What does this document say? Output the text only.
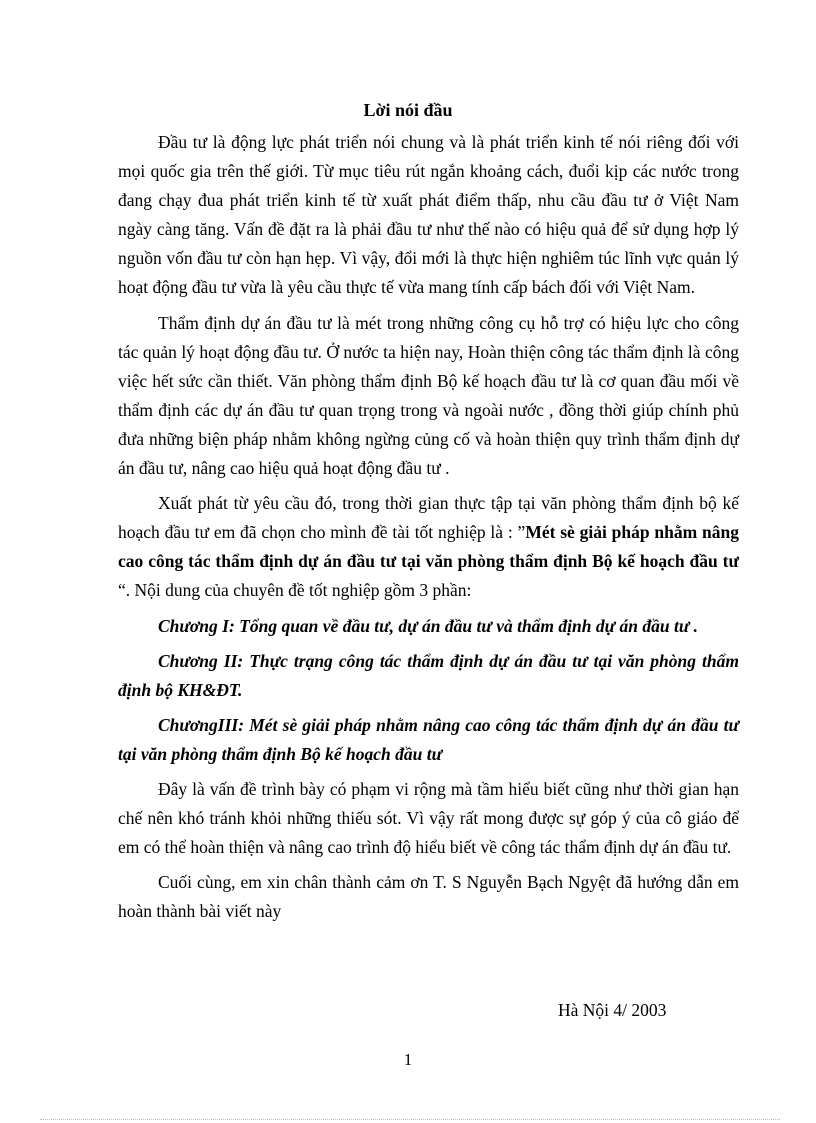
Lời nói đầu

Đầu tư là động lực phát triển nói chung và là phát triển kinh tế nói riêng đối với mọi quốc gia trên thế giới. Từ mục tiêu rút ngắn khoảng cách, đuổi kịp các nước trong đang chạy đua phát triển kinh tế từ xuất phát điểm thấp, nhu cầu đầu tư ở Việt Nam ngày càng tăng. Vấn đề đặt ra là phải đầu tư như thế nào có hiệu quả để sử dụng hợp lý nguồn vốn đầu tư còn hạn hẹp. Vì vậy, đổi mới là thực hiện nghiêm túc lĩnh vực quản lý hoạt động đầu tư vừa là yêu cầu thực tế vừa mang tính cấp bách đối với Việt Nam.

Thẩm định dự án đầu tư là mét trong những công cụ hỗ trợ có hiệu lực cho công tác quản lý hoạt động đầu tư. Ở nước ta hiện nay, Hoàn thiện công tác thẩm định là công việc hết sức cần thiết. Văn phòng thẩm định Bộ kế hoạch đầu tư là cơ quan đầu mối về thẩm định các dự án đầu tư quan trọng trong và ngoài nước , đồng thời giúp chính phủ đưa những biện pháp nhằm không ngừng củng cố và hoàn thiện quy trình thẩm định dự án đầu tư, nâng cao hiệu quả hoạt động đầu tư .

Xuất phát từ yêu cầu đó, trong thời gian thực tập tại văn phòng thẩm định bộ kế hoạch đầu tư em đã chọn cho mình đề tài tốt nghiệp là : ”Mét sè giải pháp nhằm nâng cao công tác thẩm định dự án đầu tư tại văn phòng thẩm định Bộ kế hoạch đầu tư “. Nội dung của chuyên đề tốt nghiệp gồm 3 phần:

Chương I: Tổng quan về đầu tư, dự án đầu tư và thẩm định dự án đầu tư .

Chương II: Thực trạng công tác thẩm định dự án đầu tư tại văn phòng thẩm định bộ KH&ĐT.

ChươngIII: Mét sè giải pháp nhằm nâng cao công tác thẩm định dự án đầu tư tại văn phòng thẩm định Bộ kế hoạch đầu tư

Đây là vấn đề trình bày có phạm vi rộng mà tầm hiểu biết cũng như thời gian hạn chế nên khó tránh khỏi những thiếu sót. Vì vậy rất mong được sự góp ý của cô giáo để em có thể hoàn thiện và nâng cao trình độ hiểu biết về công tác thẩm định dự án đầu tư.

Cuối cùng, em xin chân thành cảm ơn T. S Nguyễn Bạch Ngyệt đã hướng dẫn em hoàn thành bài viết này

Hà Nội 4/ 2003
1
